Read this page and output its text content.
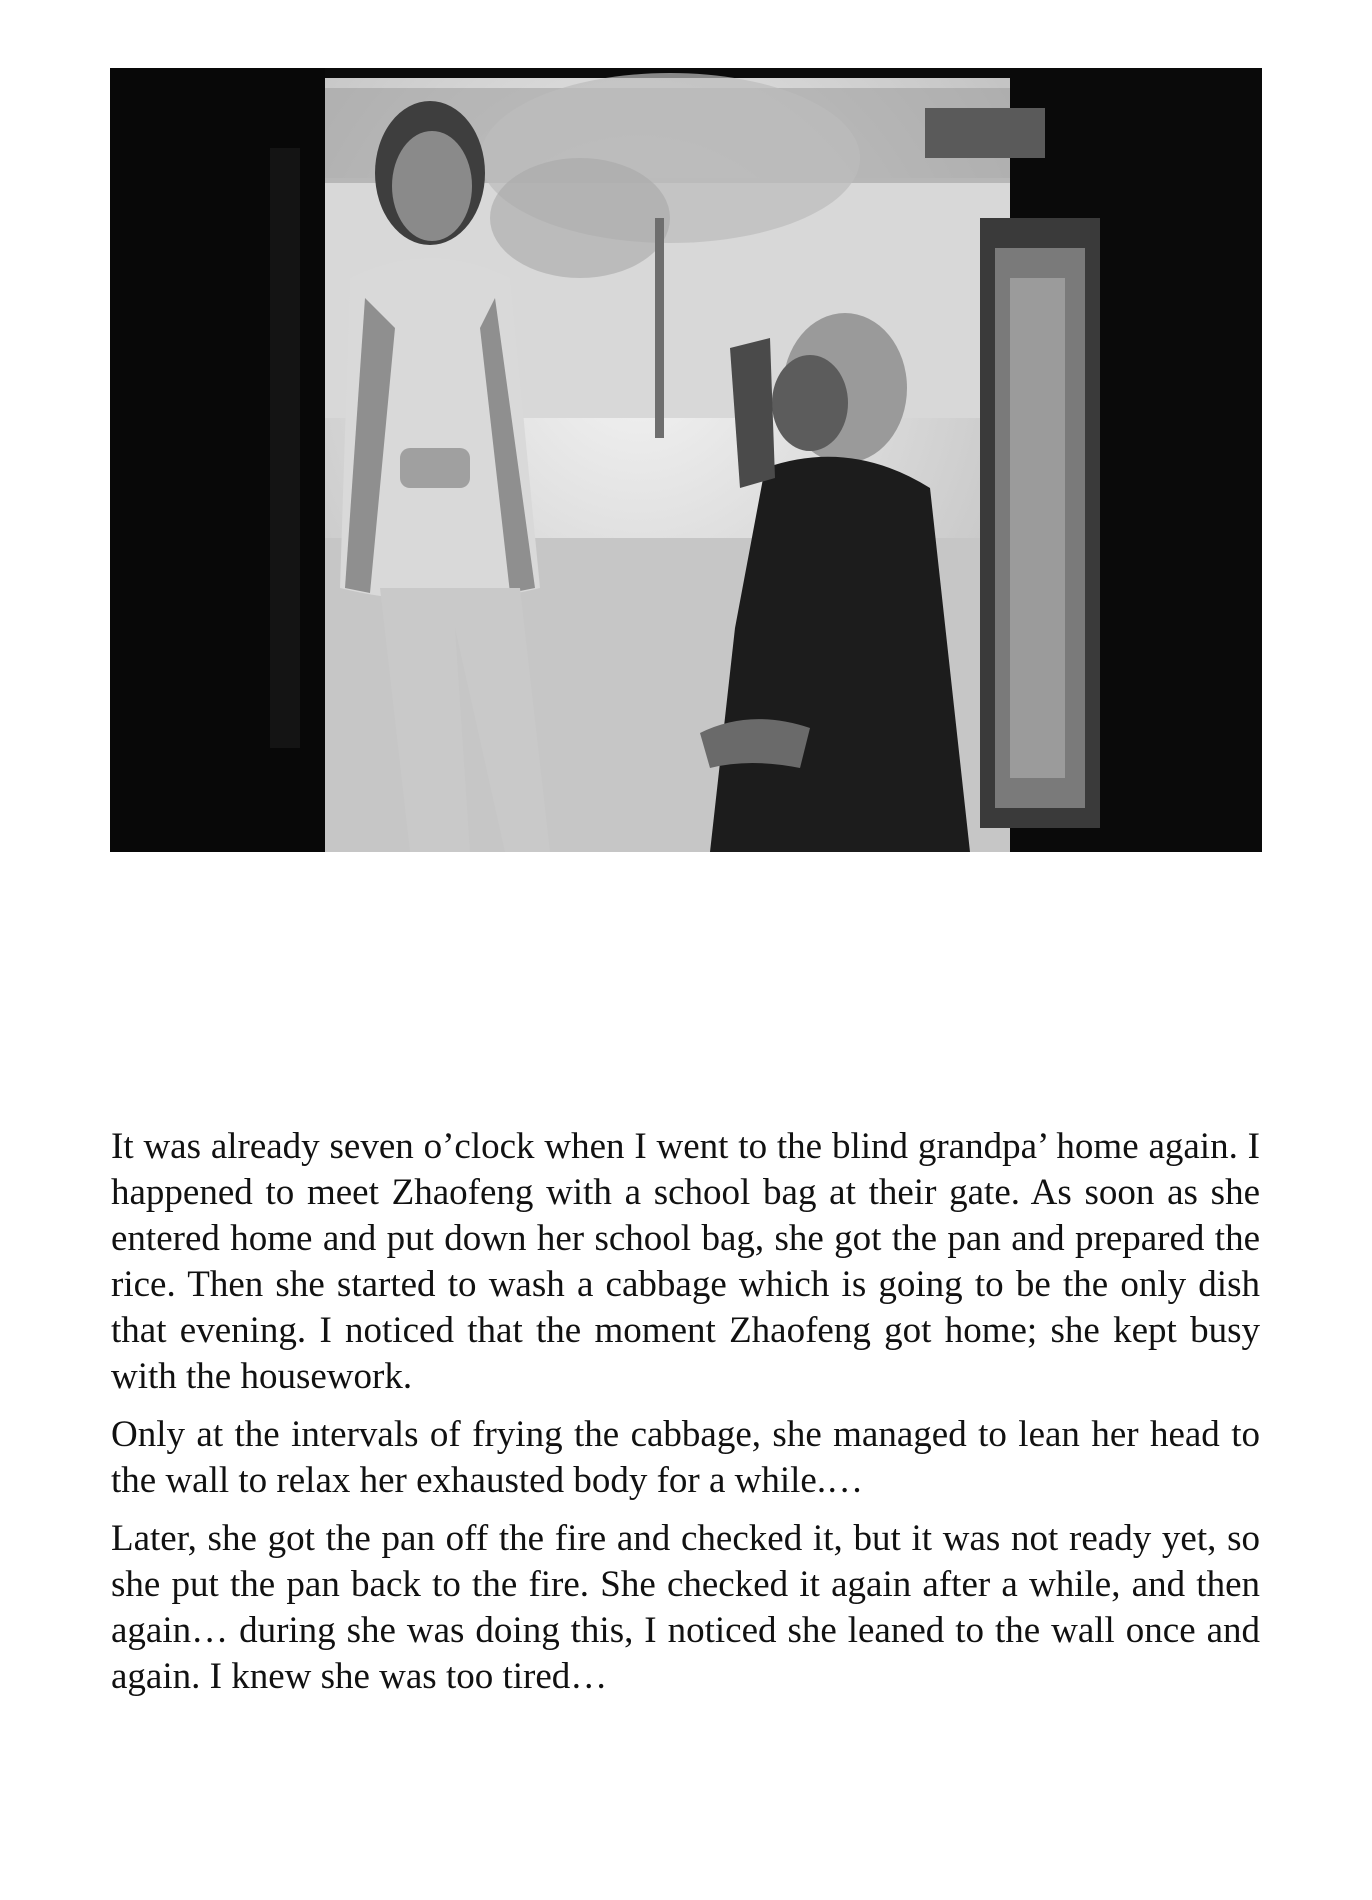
It was already seven o’clock when I went to the blind grandpa’ home again. I happened to meet Zhaofeng with a school bag at their gate. As soon as she entered home and put down her school bag, she got the pan and prepared the rice. Then she started to wash a cabbage which is going to be the only dish that evening. I noticed that the moment Zhaofeng got home; she kept busy with the housework.

Only at the intervals of frying the cabbage, she managed to lean her head to the wall to relax her exhausted body for a while.…

Later, she got the pan off the fire and checked it, but it was not ready yet, so she put the pan back to the fire. She checked it again after a while, and then again… during she was doing this, I noticed she leaned to the wall once and again. I knew she was too tired…
